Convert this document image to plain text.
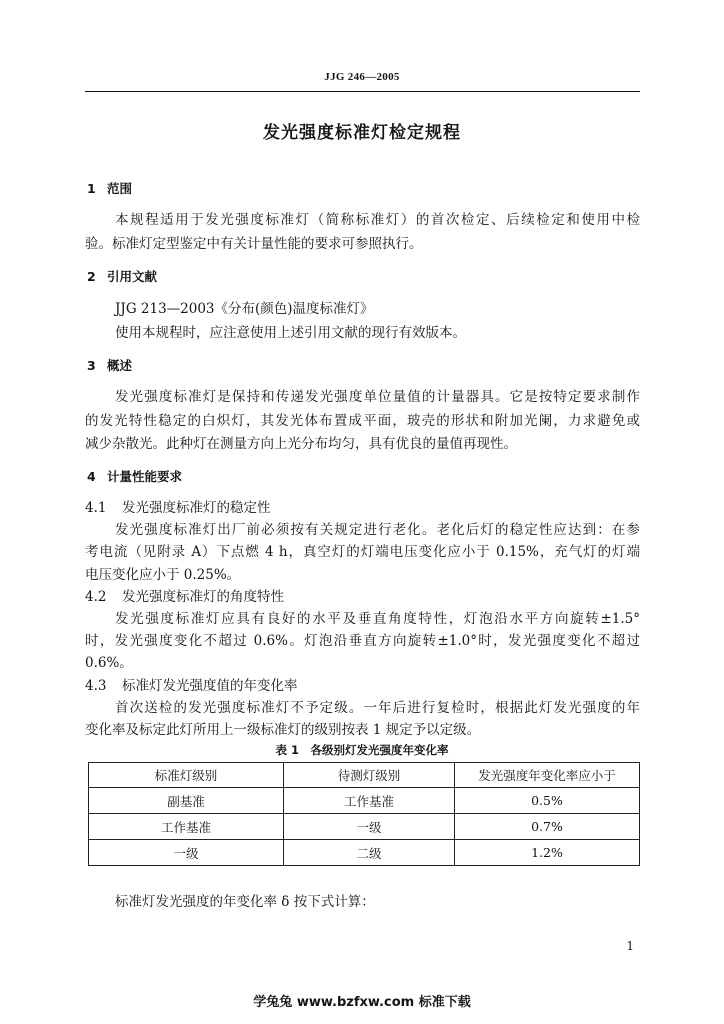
JJG 246—2005
发光强度标准灯检定规程
1 范围
本规程适用于发光强度标准灯（简称标准灯）的首次检定、后续检定和使用中检
验。标准灯定型鉴定中有关计量性能的要求可参照执行。
2 引用文献
JJG 213—2003《分布(颜色)温度标准灯》
使用本规程时，应注意使用上述引用文献的现行有效版本。
3 概述
发光强度标准灯是保持和传递发光强度单位量值的计量器具。它是按特定要求制作
的发光特性稳定的白炽灯，其发光体布置成平面，玻壳的形状和附加光阑，力求避免或
减少杂散光。此种灯在测量方向上光分布均匀，具有优良的量值再现性。
4 计量性能要求
4.1 发光强度标准灯的稳定性
发光强度标准灯出厂前必须按有关规定进行老化。老化后灯的稳定性应达到：在参
考电流（见附录 A）下点燃 4 h，真空灯的灯端电压变化应小于 0.15%，充气灯的灯端
电压变化应小于 0.25%。
4.2 发光强度标准灯的角度特性
发光强度标准灯应具有良好的水平及垂直角度特性，灯泡沿水平方向旋转±1.5°
时，发光强度变化不超过 0.6%。灯泡沿垂直方向旋转±1.0°时，发光强度变化不超过
0.6%。
4.3 标准灯发光强度值的年变化率
首次送检的发光强度标准灯不予定级。一年后进行复检时，根据此灯发光强度的年
变化率及标定此灯所用上一级标准灯的级别按表 1 规定予以定级。
表 1　各级别灯发光强度年变化率
标准灯级别	待测灯级别	发光强度年变化率应小于
副基准	工作基准	0.5%
工作基准	一级	0.7%
一级	二级	1.2%
标准灯发光强度的年变化率 δ 按下式计算：
1
学兔兔 www.bzfxw.com 标准下载
